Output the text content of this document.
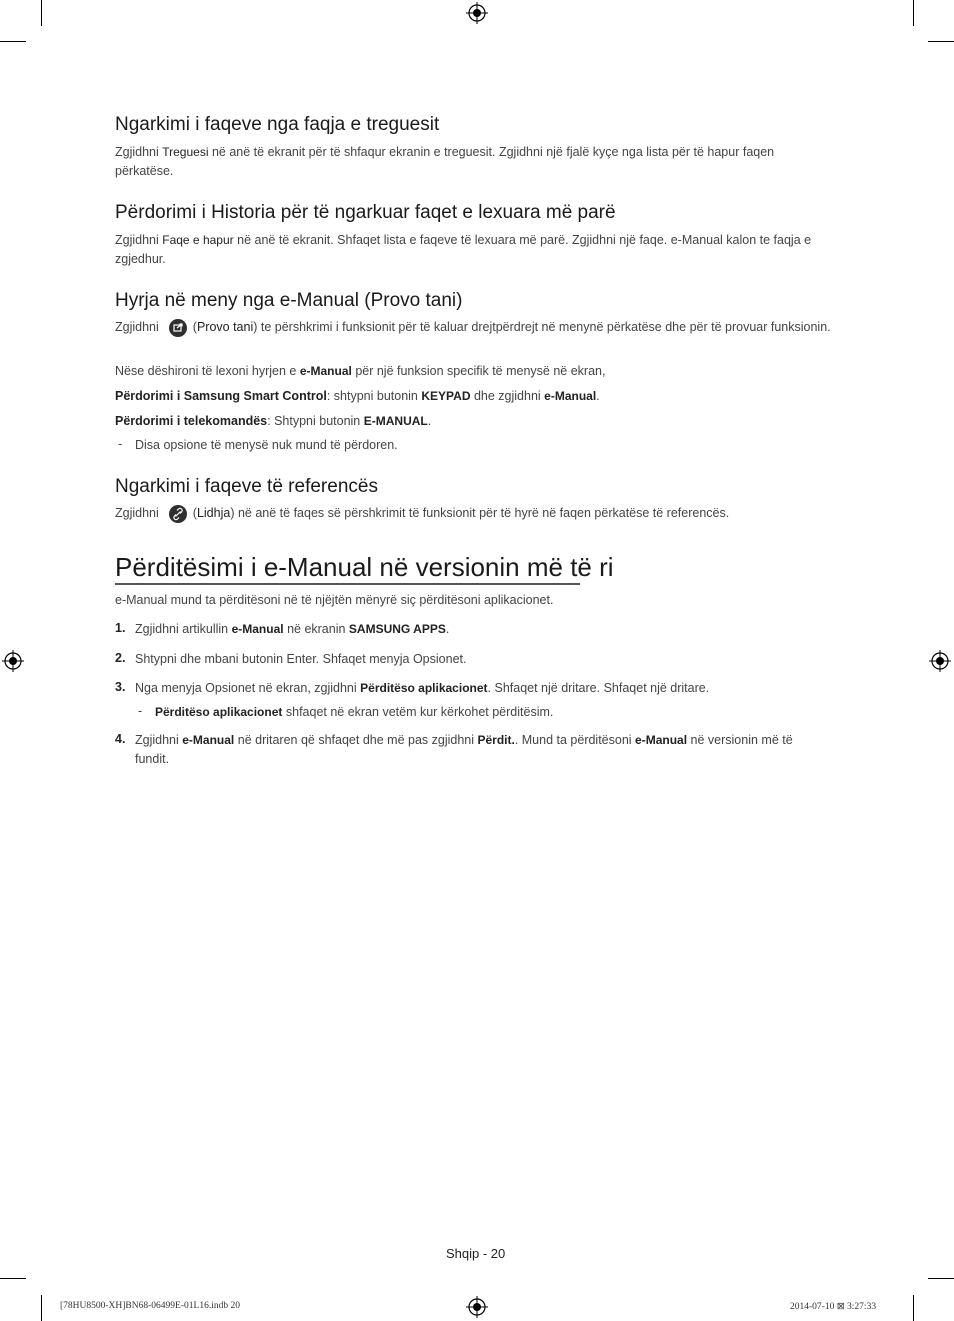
Ngarkimi i faqeve nga faqja e treguesit

Zgjidhni Treguesi në anë të ekranit për të shfaqur ekranin e treguesit. Zgjidhni një fjalë kyçe nga lista për të hapur faqen përkatëse.

Përdorimi i Historia për të ngarkuar faqet e lexuara më parë

Zgjidhni Faqe e hapur në anë të ekranit. Shfaqet lista e faqeve të lexuara më parë. Zgjidhni një faqe. e-Manual kalon te faqja e zgjedhur.

Hyrja në meny nga e-Manual (Provo tani)

Zgjidhni	(Provo tani) te përshkrimi i funksionit për të kaluar drejtpërdrejt në menynë përkatëse dhe për të provuar funksionin.

Nëse dëshironi të lexoni hyrjen e e-Manual për një funksion specifik të menysë në ekran,

Përdorimi i Samsung Smart Control: shtypni butonin KEYPAD dhe zgjidhni e-Manual.

Përdorimi i telekomandës: Shtypni butonin E-MANUAL.

- Disa opsione të menysë nuk mund të përdoren.

Ngarkimi i faqeve të referencës

Zgjidhni	(Lidhja) në anë të faqes së përshkrimit të funksionit për të hyrë në faqen përkatëse të referencës.

Përditësimi i e-Manual në versionin më të ri

e-Manual mund ta përditësoni në të njëjtën mënyrë siç përditësoni aplikacionet.

1. Zgjidhni artikullin e-Manual në ekranin SAMSUNG APPS.

2. Shtypni dhe mbani butonin Enter. Shfaqet menyja Opsionet.

3. Nga menyja Opsionet në ekran, zgjidhni Përditëso aplikacionet. Shfaqet një dritare. Shfaqet një dritare.

- Përditëso aplikacionet shfaqet në ekran vetëm kur kërkohet përditësim.

4. Zgjidhni e-Manual në dritaren që shfaqet dhe më pas zgjidhni Përdit.. Mund ta përditësoni e-Manual në versionin më të fundit.

Shqip - 20
[78HU8500-XH]BN68-06499E-01L16.indb 20	2014-07-10 ⊠ 3:27:33
